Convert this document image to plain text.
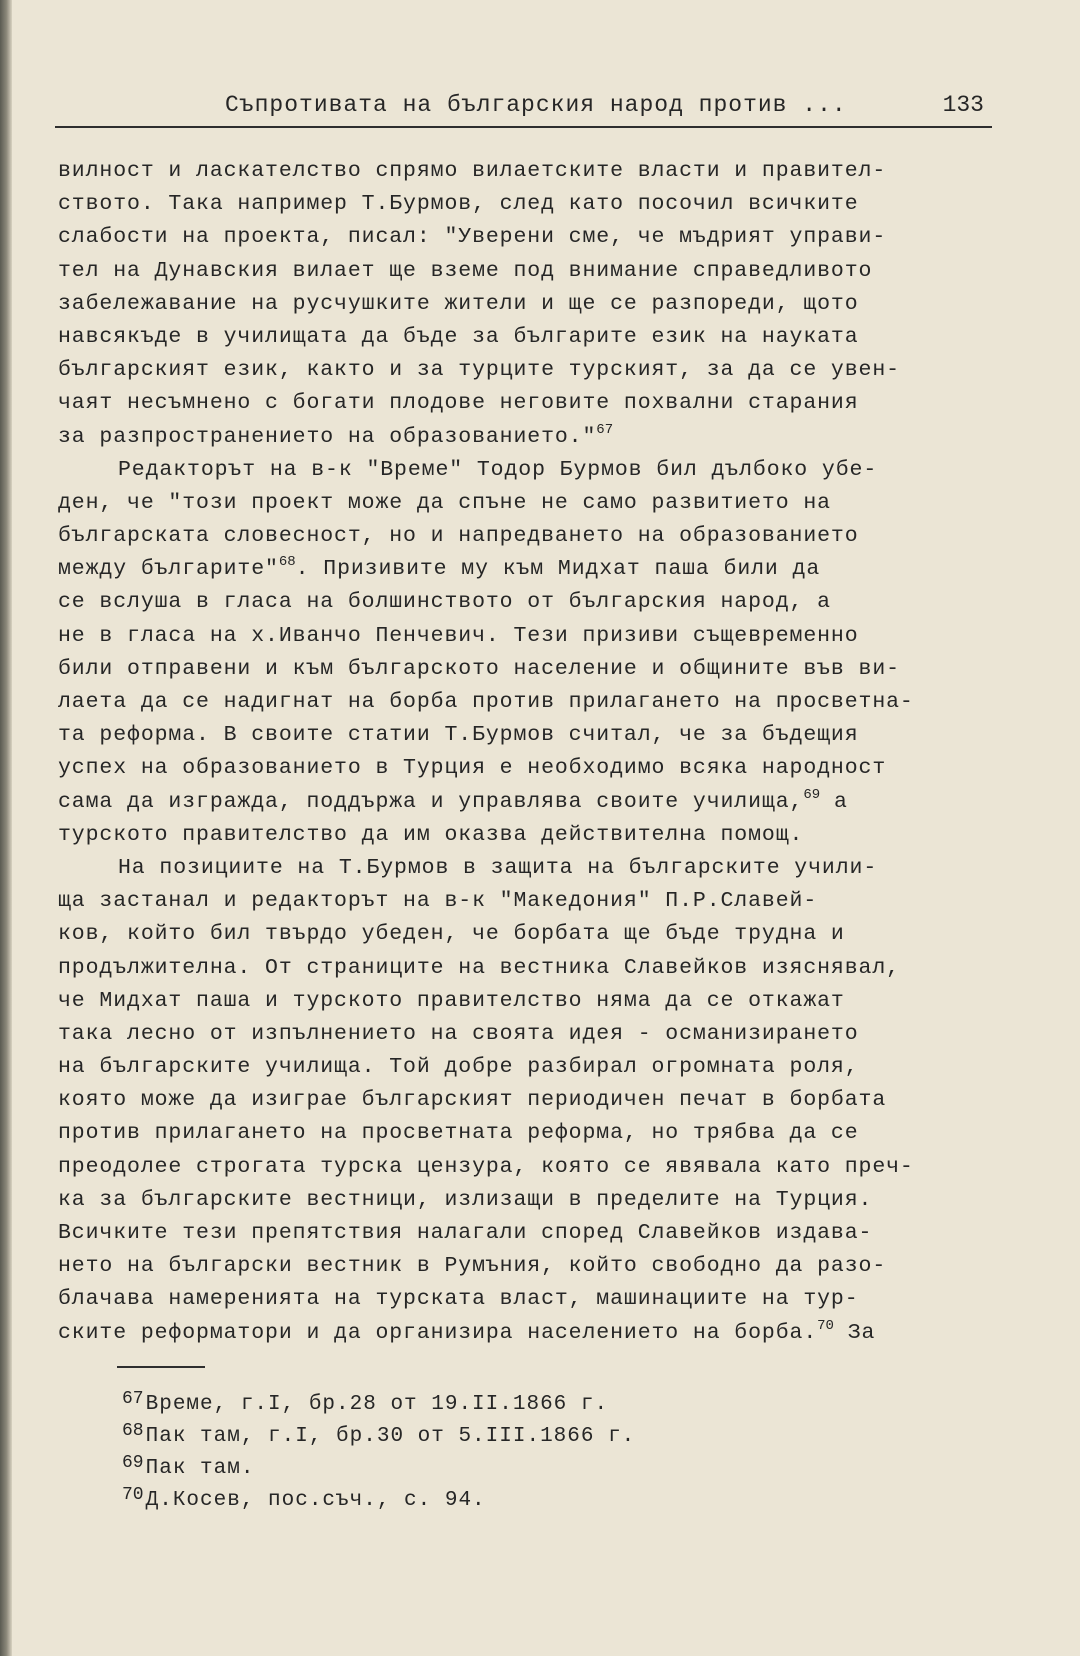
Съпротивата на българския народ против ...	133
вилност и ласкателство спрямо вилаетските власти и правител-
ството. Така например Т.Бурмов, след като посочил всичките
слабости на проекта, писал: "Уверени сме, че мъдрият управи-
тел на Дунавския вилает ще вземе под внимание справедливото
забележавание на русчушките жители и ще се разпореди, щото
навсякъде в училищата да бъде за българите език на науката
българският език, както и за турците турският, за да се увен-
чаят несъмнено с богати плодове неговите похвални старания
за разпространението на образованието."$^{67}$
Редакторът на в-к "Време" Тодор Бурмов бил дълбоко убе-
ден, че "този проект може да спъне не само развитието на
българската словесност, но и напредването на образованието
между българите"$^{68}$. Призивите му към Мидхат паша били да
се вслуша в гласа на болшинството от българския народ, а
не в гласа на х.Иванчо Пенчевич. Тези призиви същевременно
били отправени и към българското население и общините във ви-
лаета да се надигнат на борба против прилагането на просветна-
та реформа. В своите статии Т.Бурмов считал, че за бъдещия
успех на образованието в Турция е необходимо всяка народност
сама да изгражда, поддържа и управлява своите училища,$^{69}$ а
турското правителство да им оказва действителна помощ.
На позициите на Т.Бурмов в защита на българските учили-
ща застанал и редакторът на в-к "Македония" П.Р.Славей-
ков, който бил твърдо убеден, че борбата ще бъде трудна и
продължителна. От страниците на вестника Славейков изяснявал,
че Мидхат паша и турското правителство няма да се откажат
така лесно от изпълнението на своята идея - османизирането
на българските училища. Той добре разбирал огромната роля,
която може да изиграе българският периодичен печат в борбата
против прилагането на просветната реформа, но трябва да се
преодолее строгата турска цензура, която се явявала като преч-
ка за българските вестници, излизащи в пределите на Турция.
Всичките тези препятствия налагали според Славейков издава-
нето на български вестник в Румъния, който свободно да разо-
блачава намеренията на турската власт, машинациите на тур-
ските реформатори и да организира населението на борба.$^{70}$ За
67Време, г.I, бр.28 от 19.II.1866 г.
68Пак там, г.I, бр.30 от 5.III.1866 г.
69Пак там.
70Д.Косев, пос.съч., с. 94.
